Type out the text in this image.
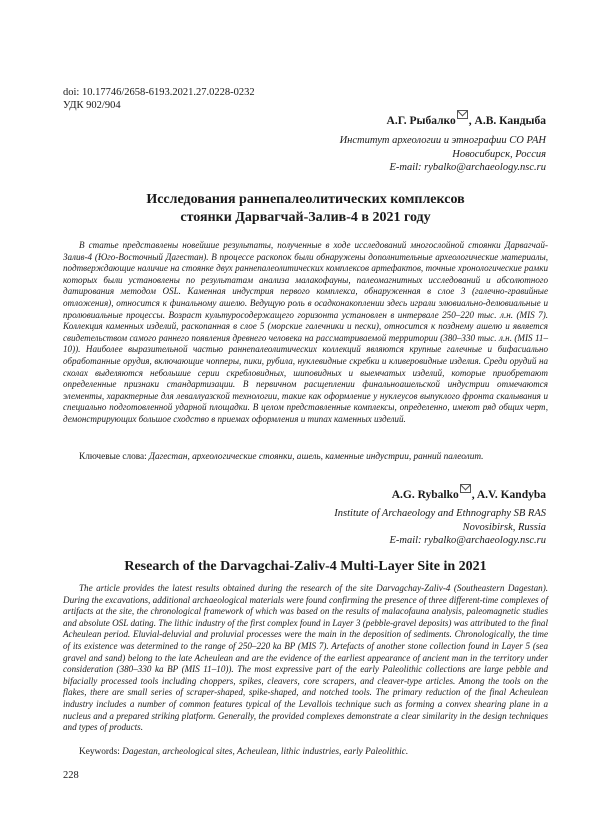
doi: 10.17746/2658-6193.2021.27.0228-0232
УДК 902/904
А.Г. Рыбалко , А.В. Кандыба
Институт археологии и этнографии СО РАН
Новосибирск, Россия
E-mail: rybalko@archaeology.nsc.ru
Исследования раннепалеолитических комплексов
стоянки Дарвагчай-Залив-4 в 2021 году

В статье представлены новейшие результаты, полученные в ходе исследований многослойной стоянки Дарвагчай-Залив-4 (Юго-Восточный Дагестан). В процессе раскопок были обнаружены дополнительные археологические материалы, подтверждающие наличие на стоянке двух раннепалеолитических комплексов артефактов, точные хронологические рамки которых были установлены по результатам анализа малакофауны, палеомагнитных исследований и абсолютного датирования методом OSL. Каменная индустрия первого комплекса, обнаруженная в слое 3 (галечно-гравийные отложения), относится к финальному ашелю. Ведущую роль в осадконакоплении здесь играли элювиально-делювиальные и пролювиальные процессы. Возраст культуросодержащего горизонта установлен в интервале 250–220 тыс. л.н. (MIS 7). Коллекция каменных изделий, раскопанная в слое 5 (морские галечники и пески), относится к позднему ашелю и является свидетельством самого раннего появления древнего человека на рассматриваемой территории (380–330 тыс. л.н. (MIS 11–10)). Наиболее выразительной частью раннепалеолитических коллекций являются крупные галечные и бифасиально обработанные орудия, включающие чопперы, пики, рубила, нуклевидные скребки и кливеровидные изделия. Среди орудий на сколах выделяются небольшие серии скребловидных, шиповидных и выемчатых изделий, которые приобретают определенные признаки стандартизации. В первичном расщеплении финальноашельской индустрии отмечаются элементы, характерные для леваллуазской технологии, такие как оформление у нуклеусов выпуклого фронта скалывания и специально подготовленной ударной площадки. В целом представленные комплексы, определенно, имеют ряд общих черт, демонстрирующих большое сходство в приемах оформления и типах каменных изделий.

Ключевые слова: Дагестан, археологические стоянки, ашель, каменные индустрии, ранний палеолит.
A.G. Rybalko , A.V. Kandyba
Institute of Archaeology and Ethnography SB RAS
Novosibirsk, Russia
E-mail: rybalko@archaeology.nsc.ru
Research of the Darvagchai-Zaliv-4 Multi-Layer Site in 2021

The article provides the latest results obtained during the research of the site Darvagchay-Zaliv-4 (Southeastern Dagestan). During the excavations, additional archaeological materials were found confirming the presence of three different-time complexes of artifacts at the site, the chronological framework of which was based on the results of malacofauna analysis, paleomagnetic studies and absolute OSL dating. The lithic industry of the first complex found in Layer 3 (pebble-gravel deposits) was attributed to the final Acheulean period. Eluvial-deluvial and proluvial processes were the main in the deposition of sediments. Chronologically, the time of its existence was determined to the range of 250–220 ka BP (MIS 7). Artefacts of another stone collection found in Layer 5 (sea gravel and sand) belong to the late Acheulean and are the evidence of the earliest appearance of ancient man in the territory under consideration (380–330 ka BP (MIS 11–10)). The most expressive part of the early Paleolithic collections are large pebble and bifacially processed tools including choppers, spikes, cleavers, core scrapers, and cleaver-type articles. Among the tools on the flakes, there are small series of scraper-shaped, spike-shaped, and notched tools. The primary reduction of the final Acheulean industry includes a number of common features typical of the Levallois technique such as forming a convex shearing plane in a nucleus and a prepared striking platform. Generally, the provided complexes demonstrate a clear similarity in the design techniques and types of products.

Keywords: Dagestan, archeological sites, Acheulean, lithic industries, early Paleolithic.
228
